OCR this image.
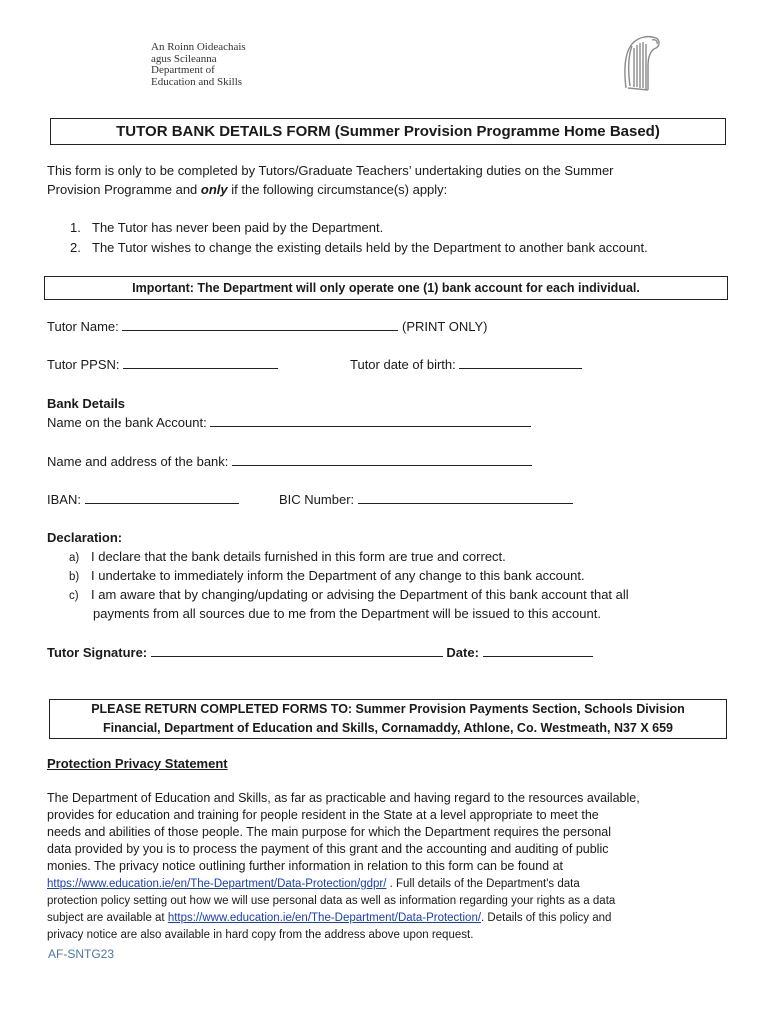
An Roinn Oideachais
agus Scileanna
Department of
Education and Skills
TUTOR BANK DETAILS FORM (Summer Provision Programme Home Based)
This form is only to be completed by Tutors/Graduate Teachers’ undertaking duties on the Summer
Provision Programme and only if the following circumstance(s) apply:
1. The Tutor has never been paid by the Department.
2. The Tutor wishes to change the existing details held by the Department to another bank account.
Important: The Department will only operate one (1) bank account for each individual.
Tutor Name:	(PRINT ONLY)
Tutor PPSN:	Tutor date of birth:
Bank Details
Name on the bank Account:
Name and address of the bank:
IBAN:	BIC Number:
Declaration:
a) I declare that the bank details furnished in this form are true and correct.
b) I undertake to immediately inform the Department of any change to this bank account.
c) I am aware that by changing/updating or advising the Department of this bank account that all
payments from all sources due to me from the Department will be issued to this account.
Tutor Signature:	Date:
PLEASE RETURN COMPLETED FORMS TO: Summer Provision Payments Section, Schools Division
Financial, Department of Education and Skills, Cornamaddy, Athlone, Co. Westmeath, N37 X 659
Protection Privacy Statement
The Department of Education and Skills, as far as practicable and having regard to the resources available,
provides for education and training for people resident in the State at a level appropriate to meet the
needs and abilities of those people. The main purpose for which the Department requires the personal
data provided by you is to process the payment of this grant and the accounting and auditing of public
monies. The privacy notice outlining further information in relation to this form can be found at
https://www.education.ie/en/The-Department/Data-Protection/gdpr/ . Full details of the Department's data
protection policy setting out how we will use personal data as well as information regarding your rights as a data
subject are available at https://www.education.ie/en/The-Department/Data-Protection/. Details of this policy and
privacy notice are also available in hard copy from the address above upon request.
AF-SNTG23
